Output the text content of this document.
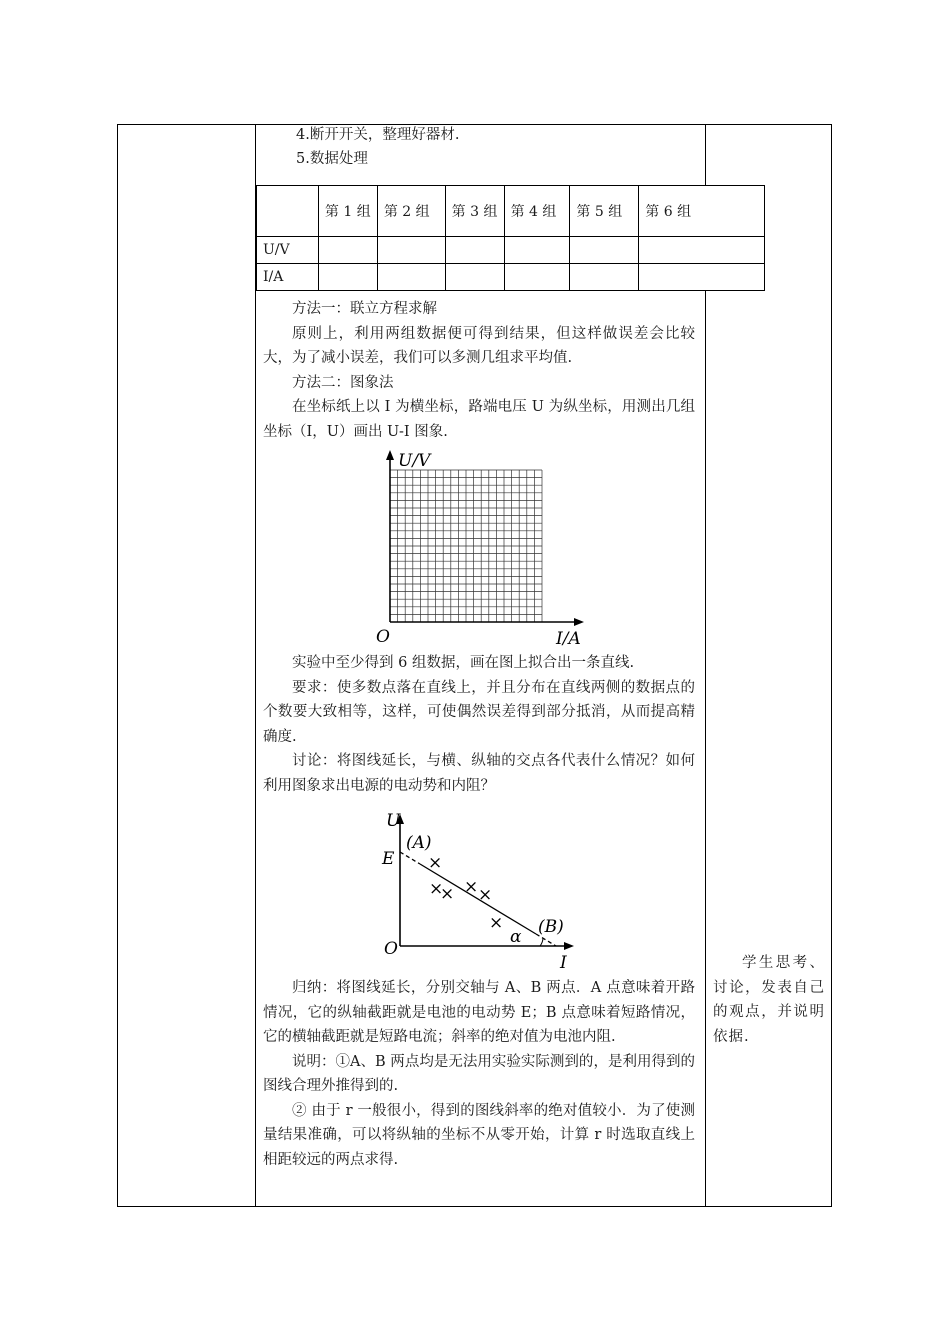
4.断开开关，整理好器材.
5.数据处理
	第 1 组	第 2 组	第 3 组	第 4 组	第 5 组	第 6 组
U/V						
I/A						

方法一：联立方程求解

原则上，利用两组数据便可得到结果，但这样做误差会比较大，为了减小误差，我们可以多测几组求平均值.

方法二：图象法

在坐标纸上以 I 为横坐标，路端电压 U 为纵坐标，用测出几组坐标（I，U）画出 U-I 图象.

U/V
O	I/A

实验中至少得到 6 组数据，画在图上拟合出一条直线.

要求：使多数点落在直线上，并且分布在直线两侧的数据点的个数要大致相等，这样，可使偶然误差得到部分抵消，从而提高精确度.

讨论：将图线延长，与横、纵轴的交点各代表什么情况？如何利用图象求出电源的电动势和内阻？

×
×
× × ×
×
U
E
(A)
(B)
α
O
I

归纳：将图线延长，分别交轴与 A、B 两点．A 点意味着开路情况，它的纵轴截距就是电池的电动势 E；B 点意味着短路情况，它的横轴截距就是短路电流；斜率的绝对值为电池内阻.

说明：①A、B 两点均是无法用实验实际测到的，是利用得到的图线合理外推得到的.

② 由于 r 一般很小，得到的图线斜率的绝对值较小．为了使测量结果准确，可以将纵轴的坐标不从零开始，计算 r 时选取直线上相距较远的两点求得.

学生思考、讨论，发表自己的观点，并说明依据.
